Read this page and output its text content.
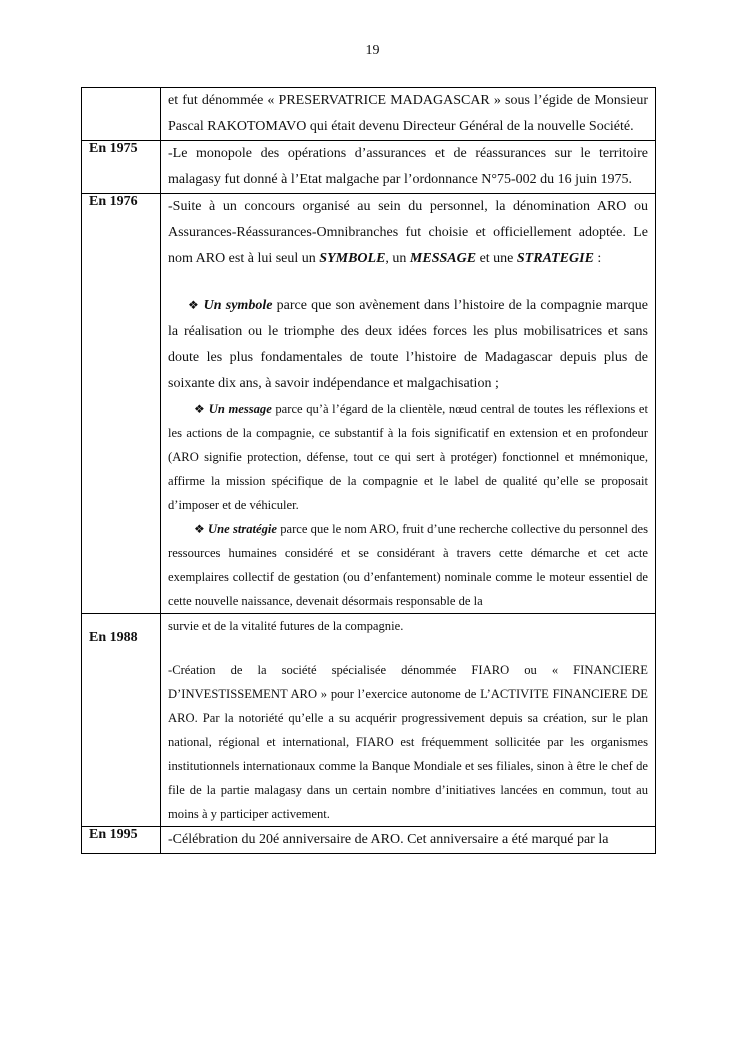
19

	et fut dénommée « PRESERVATRICE MADAGASCAR » sous l’égide de Monsieur Pascal RAKOTOMAVO qui était devenu Directeur Général de la nouvelle Société.

En 1975	-Le monopole des opérations d’assurances et de réassurances sur le territoire malagasy fut donné à l’Etat malgache par l’ordonnance N°75-002 du 16 juin 1975.

En 1976	-Suite à un concours organisé au sein du personnel, la dénomination ARO ou Assurances-Réassurances-Omnibranches fut choisie et officiellement adoptée. Le nom ARO est à lui seul un SYMBOLE, un MESSAGE et une STRATEGIE :

❖ Un symbole parce que son avènement dans l’histoire de la compagnie marque la réalisation ou le triomphe des deux idées forces les plus mobilisatrices et sans doute les plus fondamentales de toute l’histoire de Madagascar depuis plus de soixante dix ans, à savoir indépendance et malgachisation ;

❖ Un message parce qu’à l’égard de la clientèle, nœud central de toutes les réflexions et les actions de la compagnie, ce substantif à la fois significatif en extension et en profondeur (ARO signifie protection, défense, tout ce qui sert à protéger) fonctionnel et mnémonique, affirme la mission spécifique de la compagnie et le label de qualité qu’elle se proposait d’imposer et de véhiculer.

❖ Une stratégie parce que le nom ARO, fruit d’une recherche collective du personnel des ressources humaines considéré et se considérant à travers cette démarche et cet acte exemplaires collectif de gestation (ou d’enfantement) nominale comme le moteur essentiel de cette nouvelle naissance, devenait désormais responsable de la

En 1988	survie et de la vitalité futures de la compagnie.

-Création de la société spécialisée dénommée FIARO ou « FINANCIERE D’INVESTISSEMENT ARO » pour l’exercice autonome de L’ACTIVITE FINANCIERE DE ARO. Par la notoriété qu’elle a su acquérir progressivement depuis sa création, sur le plan national, régional et international, FIARO est fréquemment sollicitée par les organismes institutionnels internationaux comme la Banque Mondiale et ses filiales, sinon à être le chef de file de la partie malagasy dans un certain nombre d’initiatives lancées en commun, tout au moins à y participer activement.

En 1995	-Célébration du 20é anniversaire de ARO. Cet anniversaire a été marqué par la
